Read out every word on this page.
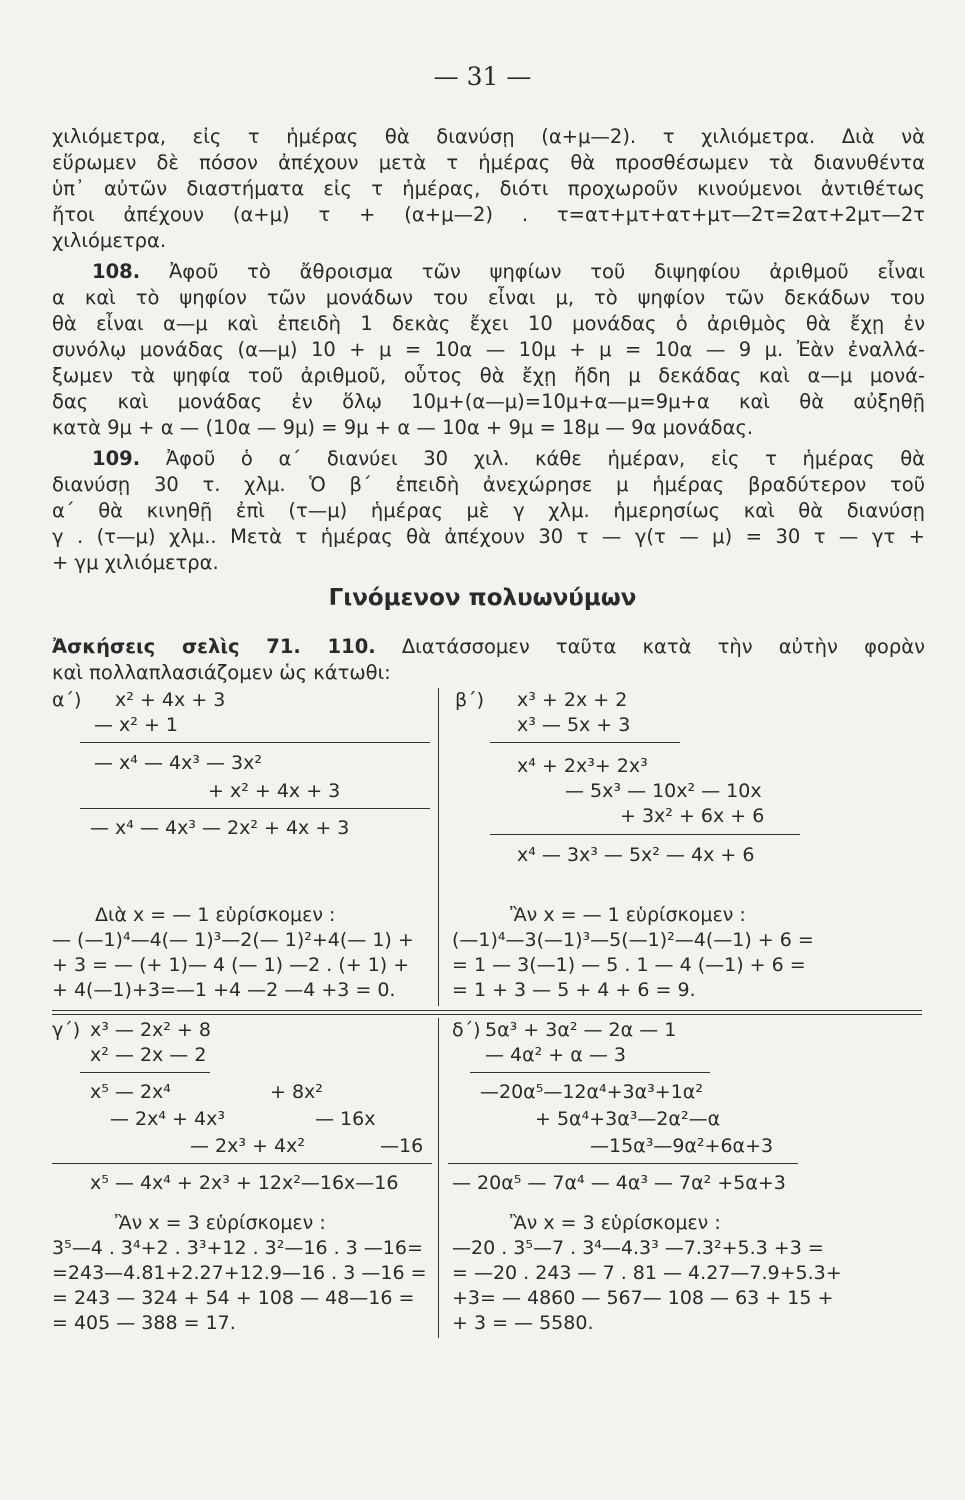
— 31 —
χιλιόμετρα, εἰς τ ἡμέρας θὰ διανύσῃ (α+μ—2). τ χιλιόμετρα. Διὰ νὰ
εὕρωμεν δὲ πόσον ἀπέχουν μετὰ τ ἡμέρας θὰ προσθέσωμεν τὰ διανυθέντα
ὑπ᾽ αὐτῶν διαστήματα εἰς τ ἡμέρας, διότι προχωροῦν κινούμενοι ἀντιθέτως
ἤτοι ἀπέχουν (α+μ) τ + (α+μ—2) . τ=ατ+μτ+ατ+μτ—2τ=2ατ+2μτ—2τ
χιλιόμετρα.
108. Ἀφοῦ τὸ ἄθροισμα τῶν ψηφίων τοῦ διψηφίου ἀριθμοῦ εἶναι
α καὶ τὸ ψηφίον τῶν μονάδων του εἶναι μ, τὸ ψηφίον τῶν δεκάδων του
θὰ εἶναι α—μ καὶ ἐπειδὴ 1 δεκὰς ἔχει 10 μονάδας ὁ ἀριθμὸς θὰ ἔχῃ ἐν
συνόλῳ μονάδας (α—μ) 10 + μ = 10α — 10μ + μ = 10α — 9 μ. Ἐὰν ἐναλλά-
ξωμεν τὰ ψηφία τοῦ ἀριθμοῦ, οὗτος θὰ ἔχῃ ἤδη μ δεκάδας καὶ α—μ μονά-
δας καὶ μονάδας ἐν ὅλῳ 10μ+(α—μ)=10μ+α—μ=9μ+α καὶ θὰ αὐξηθῇ
κατὰ 9μ + α — (10α — 9μ) = 9μ + α — 10α + 9μ = 18μ — 9α μονάδας.
109. Ἀφοῦ ὁ α΄ διανύει 30 χιλ. κάθε ἡμέραν, εἰς τ ἡμέρας θὰ
διανύσῃ 30 τ. χλμ. Ὁ β΄ ἐπειδὴ ἀνεχώρησε μ ἡμέρας βραδύτερον τοῦ
α΄ θὰ κινηθῇ ἐπὶ (τ—μ) ἡμέρας μὲ γ χλμ. ἡμερησίως καὶ θὰ διανύσῃ
γ . (τ—μ) χλμ.. Μετὰ τ ἡμέρας θὰ ἀπέχουν 30 τ — γ(τ — μ) = 30 τ — γτ +
+ γμ χιλιόμετρα.
Γινόμενον πολυωνύμων
Ἀσκήσεις σελὶς 71. 110. Διατάσσομεν ταῦτα κατὰ τὴν αὐτὴν φορὰν
καὶ πολλαπλασιάζομεν ὡς κάτωθι:
α΄) x² + 4x + 3
— x² + 1
— x⁴ — 4x³ — 3x²
+ x² + 4x + 3
— x⁴ — 4x³ — 2x² + 4x + 3
Διὰ x = — 1 εὑρίσκομεν :
— (—1)⁴—4(— 1)³—2(— 1)²+4(— 1) +
+ 3 = — (+ 1)— 4 (— 1) —2 . (+ 1) +
+ 4(—1)+3=—1 +4 —2 —4 +3 = 0.
β΄) x³ + 2x + 2
x³ — 5x + 3
x⁴ + 2x³+ 2x³
— 5x³ — 10x² — 10x
+ 3x² + 6x + 6
x⁴ — 3x³ — 5x² — 4x + 6
Ἂν x = — 1 εὑρίσκομεν :
(—1)⁴—3(—1)³—5(—1)²—4(—1) + 6 =
= 1 — 3(—1) — 5 . 1 — 4 (—1) + 6 =
= 1 + 3 — 5 + 4 + 6 = 9.
γ΄) x³ — 2x² + 8
x² — 2x — 2
x⁵ — 2x⁴	+ 8x²
— 2x⁴ + 4x³	— 16x
— 2x³ + 4x²	—16
x⁵ — 4x⁴ + 2x³ + 12x²—16x—16
Ἂν x = 3 εὑρίσκομεν :
3⁵—4 . 3⁴+2 . 3³+12 . 3²—16 . 3 —16=
=243—4.81+2.27+12.9—16 . 3 —16 =
= 243 — 324 + 54 + 108 — 48—16 =
= 405 — 388 = 17.
δ΄) 5α³ + 3α² — 2α — 1
— 4α² + α — 3
—20α⁵—12α⁴+3α³+1α²
+ 5α⁴+3α³—2α²—α
—15α³—9α²+6α+3
— 20α⁵ — 7α⁴ — 4α³ — 7α² +5α+3
Ἂν x = 3 εὑρίσκομεν :
—20 . 3⁵—7 . 3⁴—4.3³ —7.3²+5.3 +3 =
= —20 . 243 — 7 . 81 — 4.27—7.9+5.3+
+3= — 4860 — 567— 108 — 63 + 15 +
+ 3 = — 5580.
